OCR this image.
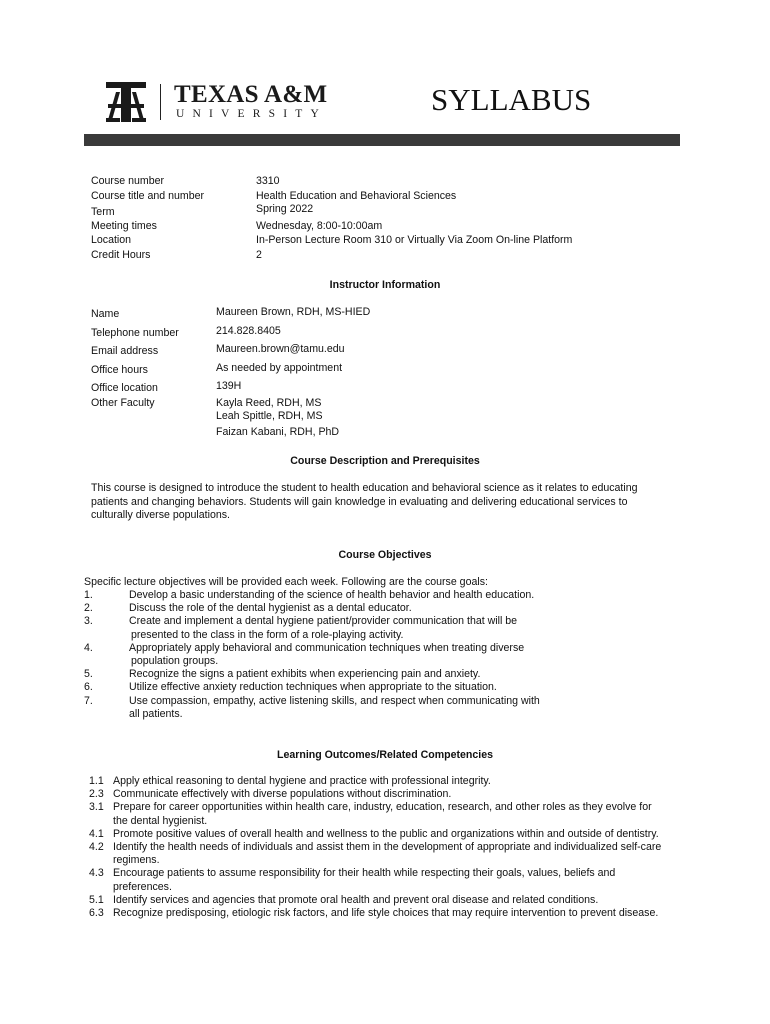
TEXAS A&M
UNIVERSITY	SYLLABUS
Course number	3310
Course title and number	Health Education and Behavioral Sciences
Term	Spring 2022
Meeting times	Wednesday, 8:00-10:00am
Location	In-Person Lecture Room 310 or Virtually Via Zoom On-line Platform
Credit Hours	2
Instructor Information
Name	Maureen Brown, RDH, MS-HIED
Telephone number	214.828.8405
Email address	Maureen.brown@tamu.edu
Office hours	As needed by appointment
Office location	139H
Other Faculty	Kayla Reed, RDH, MS
Leah Spittle, RDH, MS
Faizan Kabani, RDH, PhD
Course Description and Prerequisites
This course is designed to introduce the student to health education and behavioral science as it relates to educating patients and changing behaviors. Students will gain knowledge in evaluating and delivering educational services to culturally diverse populations.
Course Objectives
Specific lecture objectives will be provided each week. Following are the course goals:
1.	Develop a basic understanding of the science of health behavior and health education.
2.	Discuss the role of the dental hygienist as a dental educator.
3.	Create and implement a dental hygiene patient/provider communication that will be
presented to the class in the form of a role-playing activity.
4.	Appropriately apply behavioral and communication techniques when treating diverse
population groups.
5.	Recognize the signs a patient exhibits when experiencing pain and anxiety.
6.	Utilize effective anxiety reduction techniques when appropriate to the situation.
7.	Use compassion, empathy, active listening skills, and respect when communicating with
all patients.
Learning Outcomes/Related Competencies
1.1 Apply ethical reasoning to dental hygiene and practice with professional integrity.
2.3 Communicate effectively with diverse populations without discrimination.
3.1 Prepare for career opportunities within health care, industry, education, research, and other roles as they evolve for the dental hygienist.
4.1 Promote positive values of overall health and wellness to the public and organizations within and outside of dentistry.
4.2 Identify the health needs of individuals and assist them in the development of appropriate and individualized self-care regimens.
4.3 Encourage patients to assume responsibility for their health while respecting their goals, values, beliefs and preferences.
5.1 Identify services and agencies that promote oral health and prevent oral disease and related conditions.
6.3 Recognize predisposing, etiologic risk factors, and life style choices that may require intervention to prevent disease.
